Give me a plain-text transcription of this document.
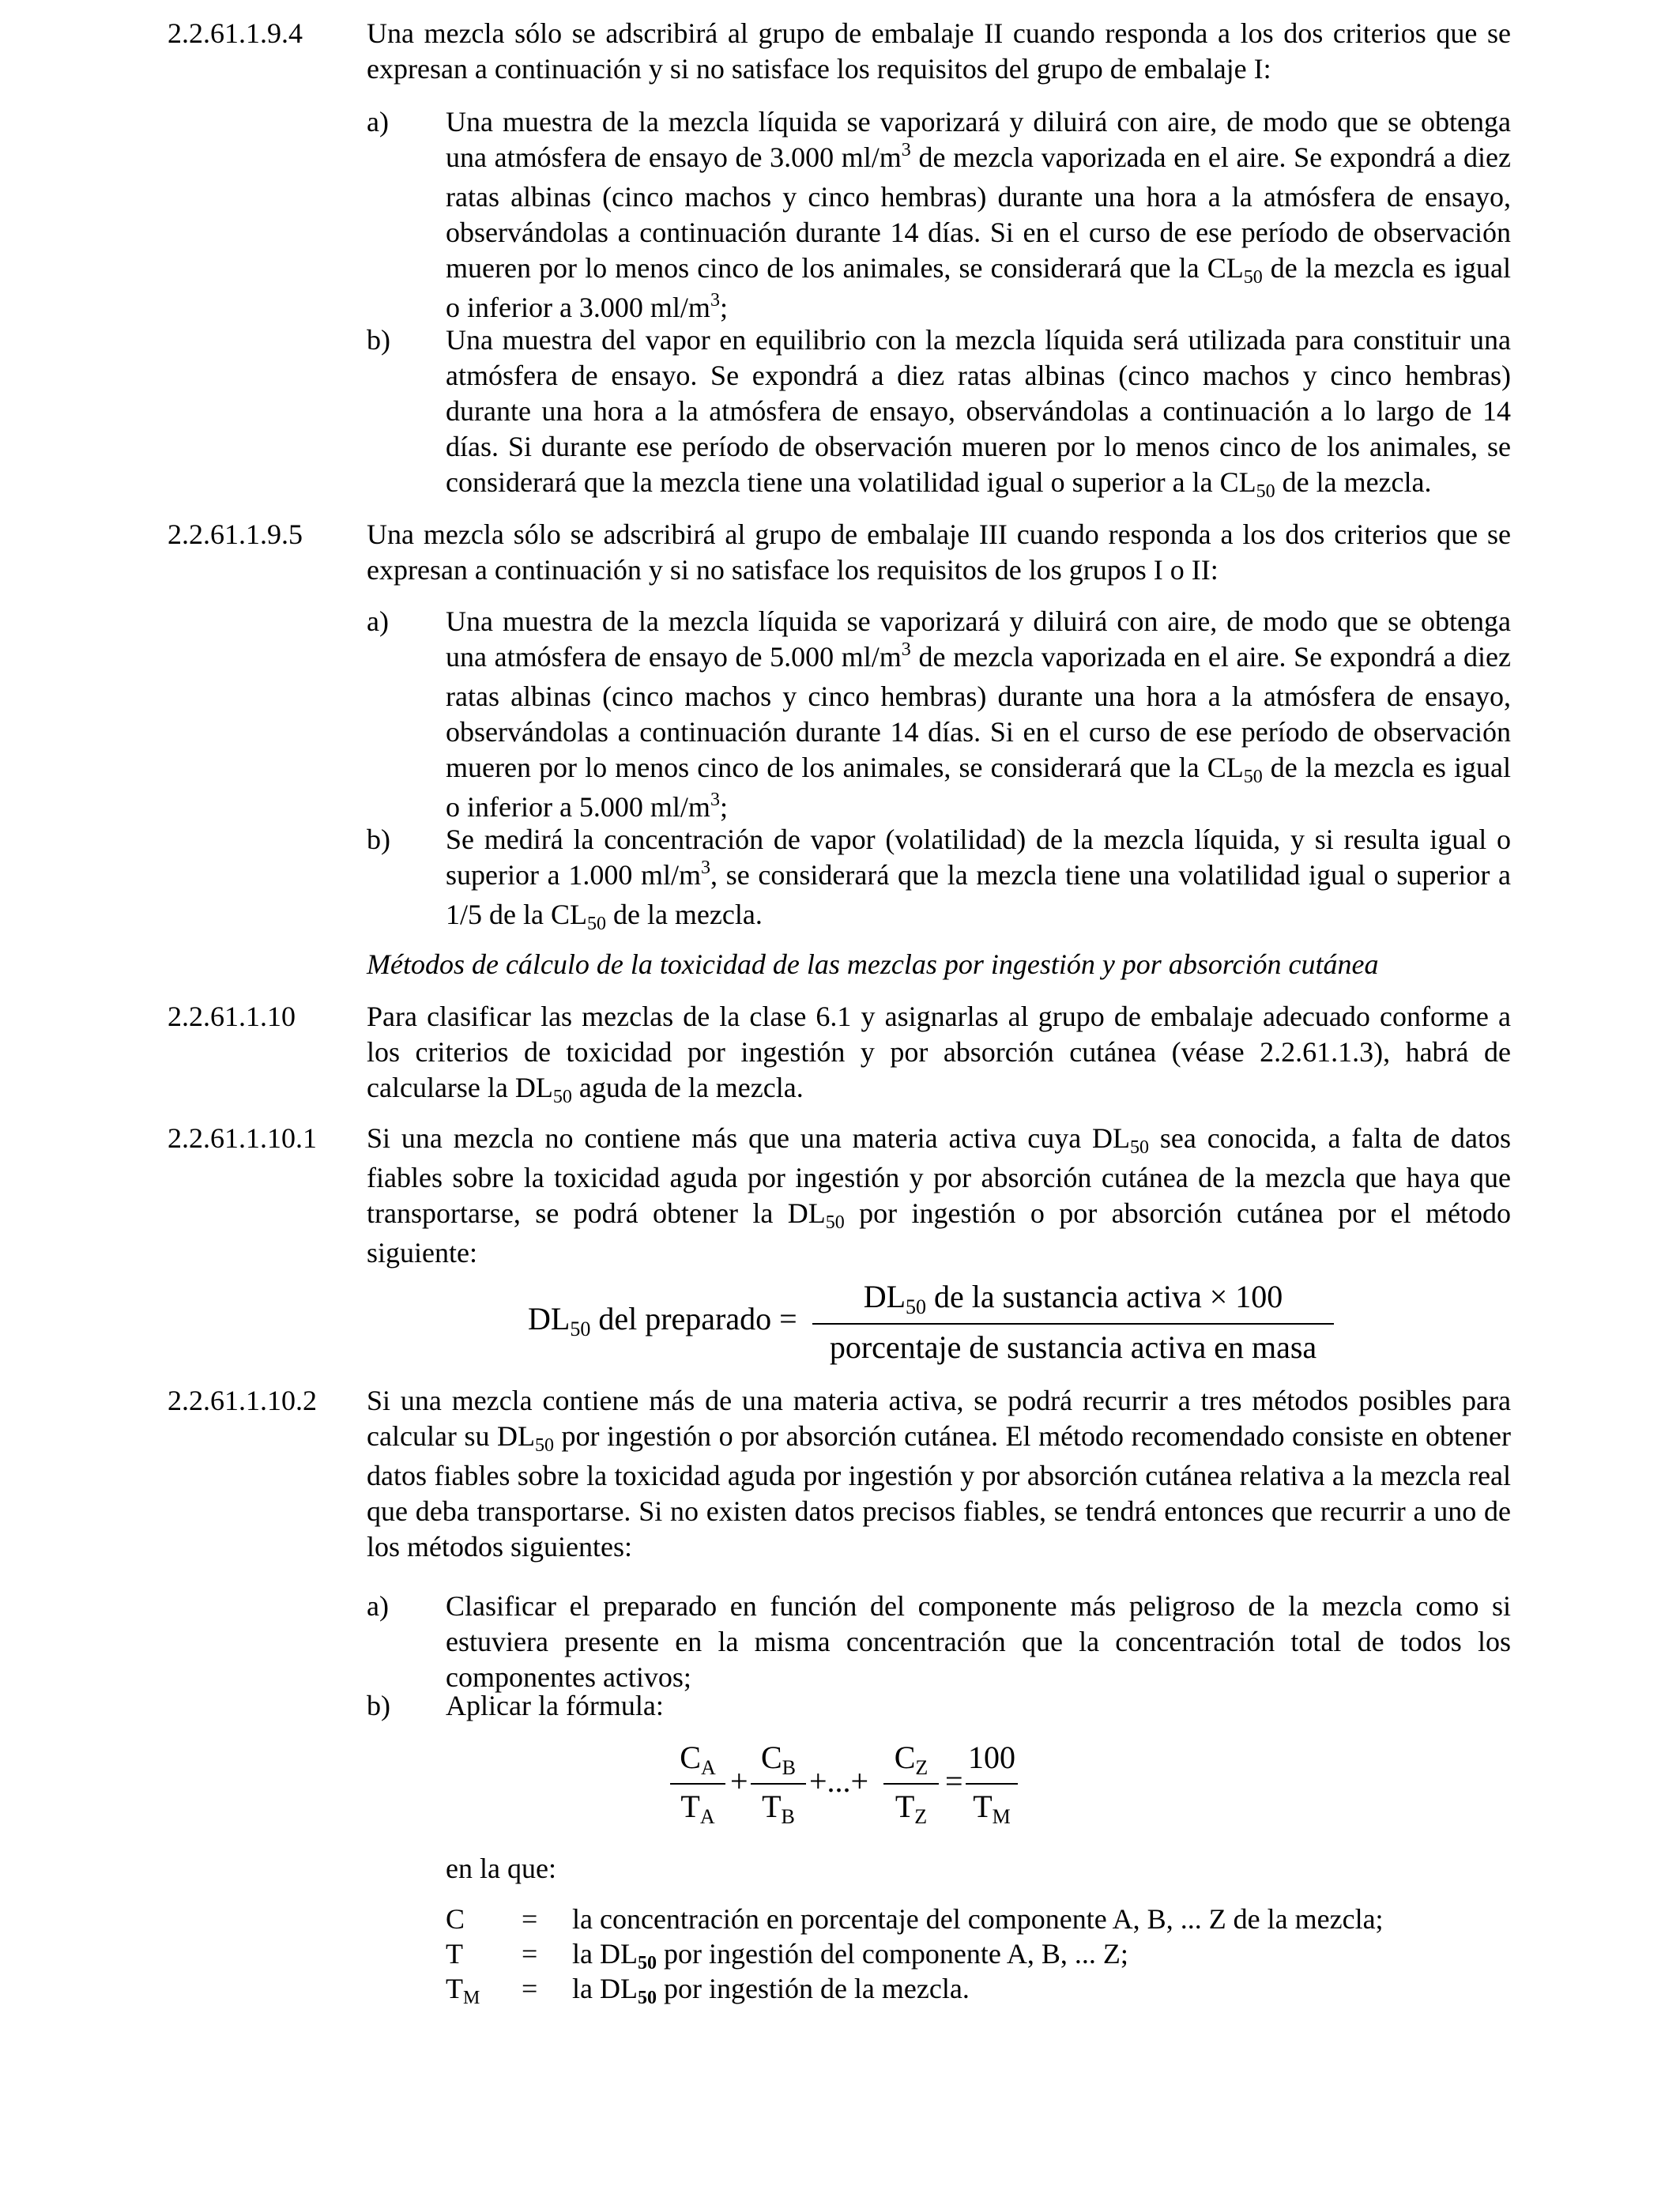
2.2.61.1.9.4	Una mezcla sólo se adscribirá al grupo de embalaje II cuando responda a los dos criterios que se expresan a continuación y si no satisface los requisitos del grupo de embalaje I:
a) Una muestra de la mezcla líquida se vaporizará y diluirá con aire, de modo que se obtenga una atmósfera de ensayo de 3.000 $ml/m^3$ de mezcla vaporizada en el aire. Se expondrá a diez ratas albinas (cinco machos y cinco hembras) durante una hora a la atmósfera de ensayo, observándolas a continuación durante 14 días. Si en el curso de ese período de observación mueren por lo menos cinco de los animales, se considerará que la $CL_{50}$ de la mezcla es igual o inferior a 3.000 $ml/m^3$;
b) Una muestra del vapor en equilibrio con la mezcla líquida será utilizada para constituir una atmósfera de ensayo. Se expondrá a diez ratas albinas (cinco machos y cinco hembras) durante una hora a la atmósfera de ensayo, observándolas a continuación a lo largo de 14 días. Si durante ese período de observación mueren por lo menos cinco de los animales, se considerará que la mezcla tiene una volatilidad igual o superior a la $CL_{50}$ de la mezcla.
2.2.61.1.9.5	Una mezcla sólo se adscribirá al grupo de embalaje III cuando responda a los dos criterios que se expresan a continuación y si no satisface los requisitos de los grupos I o II:
a) Una muestra de la mezcla líquida se vaporizará y diluirá con aire, de modo que se obtenga una atmósfera de ensayo de 5.000 $ml/m^3$ de mezcla vaporizada en el aire. Se expondrá a diez ratas albinas (cinco machos y cinco hembras) durante una hora a la atmósfera de ensayo, observándolas a continuación durante 14 días. Si en el curso de ese período de observación mueren por lo menos cinco de los animales, se considerará que la $CL_{50}$ de la mezcla es igual o inferior a 5.000 $ml/m^3$;
b) Se medirá la concentración de vapor (volatilidad) de la mezcla líquida, y si resulta igual o superior a 1.000 $ml/m^3$, se considerará que la mezcla tiene una volatilidad igual o superior a 1/5 de la $CL_{50}$ de la mezcla.
Métodos de cálculo de la toxicidad de las mezclas por ingestión y por absorción cutánea
2.2.61.1.10	Para clasificar las mezclas de la clase 6.1 y asignarlas al grupo de embalaje adecuado conforme a los criterios de toxicidad por ingestión y por absorción cutánea (véase 2.2.61.1.3), habrá de calcularse la $DL_{50}$ aguda de la mezcla.
2.2.61.1.10.1	Si una mezcla no contiene más que una materia activa cuya $DL_{50}$ sea conocida, a falta de datos fiables sobre la toxicidad aguda por ingestión y por absorción cutánea de la mezcla que haya que transportarse, se podrá obtener la $DL_{50}$ por ingestión o por absorción cutánea por el método siguiente:
$DL_{50}$ del preparado =
$DL_{50}$ de la sustancia activa × 100
porcentaje de sustancia activa en masa
2.2.61.1.10.2	Si una mezcla contiene más de una materia activa, se podrá recurrir a tres métodos posibles para calcular su $DL_{50}$ por ingestión o por absorción cutánea. El método recomendado consiste en obtener datos fiables sobre la toxicidad aguda por ingestión y por absorción cutánea relativa a la mezcla real que deba transportarse. Si no existen datos precisos fiables, se tendrá entonces que recurrir a uno de los métodos siguientes:
a) Clasificar el preparado en función del componente más peligroso de la mezcla como si estuviera presente en la misma concentración que la concentración total de todos los componentes activos;
b) Aplicar la fórmula:
$C_A$
$T_A$
+
$C_B$
$T_B$
+...+
$C_Z$
$T_Z$
=
100
$T_M$
en la que:
C = la concentración en porcentaje del componente A, B, ... Z de la mezcla;
T = la $DL_{50}$ por ingestión del componente A, B, ... Z;
$T_M$ = la $DL_{50}$ por ingestión de la mezcla.
